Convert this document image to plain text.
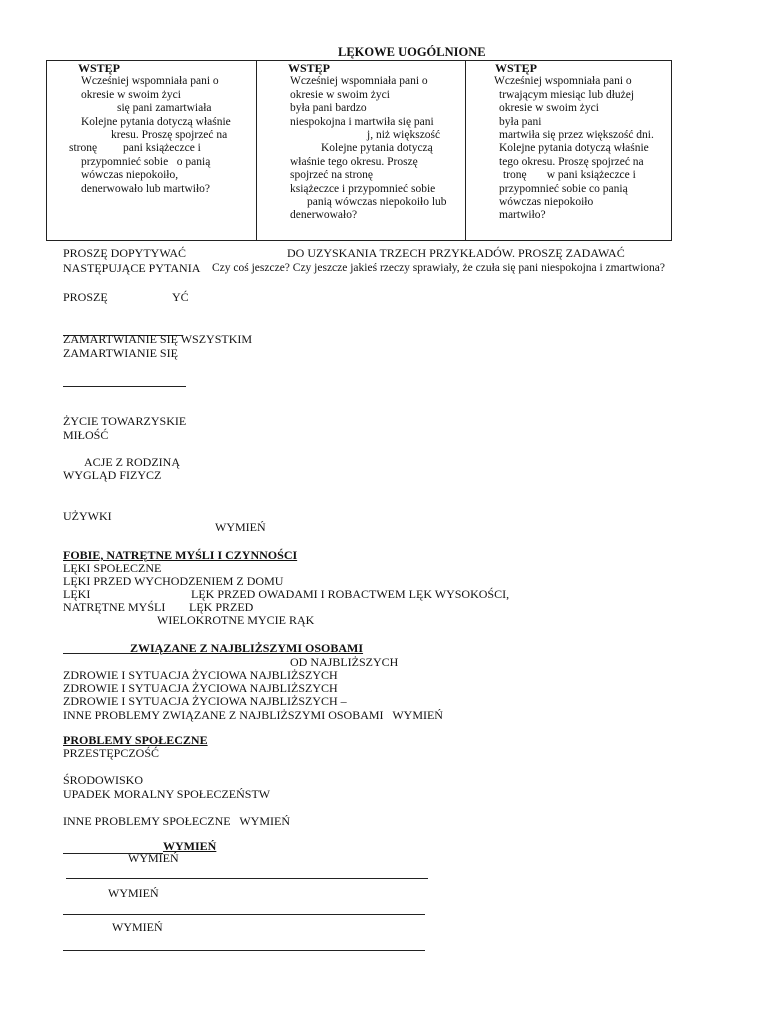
LĘKOWE UOGÓLNIONE
WSTĘP
Wcześniej wspomniała pani o
okresie w swoim życi
się pani zamartwiała
Kolejne pytania dotyczą właśnie
kresu. Proszę spojrzeć na
stronę         pani książeczce i
przypomnieć sobie   o panią
wówczas niepokoiło,
denerwowało lub martwiło?
WSTĘP
Wcześniej wspomniała pani o
okresie w swoim życi
była pani bardzo
niespokojna i martwiła się pani
j, niż większość
Kolejne pytania dotyczą
właśnie tego okresu. Proszę
spojrzeć na stronę
książeczce i przypomnieć sobie
panią wówczas niepokoiło lub
denerwowało?
WSTĘP
Wcześniej wspomniała pani o
trwającym miesiąc lub dłużej
okresie w swoim życi
była pani
martwiła się przez większość dni.
Kolejne pytania dotyczą właśnie
tego okresu. Proszę spojrzeć na
tronę       w pani książeczce i
przypomnieć sobie co panią
wówczas niepokoiło
martwiło?
PROSZĘ DOPYTYWAĆ	DO UZYSKANIA TRZECH PRZYKŁADÓW. PROSZĘ ZADAWAĆ
NASTĘPUJĄCE PYTANIA Czy coś jeszcze? Czy jeszcze jakieś rzeczy sprawiały, że czuła się pani niespokojna i zmartwiona?
PROSZĘ	YĆ
ZAMARTWIANIE SIĘ WSZYSTKIM
ZAMARTWIANIE SIĘ
ŻYCIE TOWARZYSKIE
MIŁOŚĆ
ACJE Z RODZINĄ
WYGLĄD FIZYCZ
UŻYWKI
WYMIEŃ
FOBIE, NATRĘTNE MYŚLI I CZYNNOŚCI
LĘKI SPOŁECZNE
LĘKI PRZED WYCHODZENIEM Z DOMU
LĘKI	LĘK PRZED OWADAMI I ROBACTWEM LĘK WYSOKOŚCI,
NATRĘTNE MYŚLI LĘK PRZED
WIELOKROTNE MYCIE RĄK
ZWIĄZANE Z NAJBLIŻSZYMI OSOBAMI
OD NAJBLIŻSZYCH
ZDROWIE I SYTUACJA ŻYCIOWA NAJBLIŻSZYCH
ZDROWIE I SYTUACJA ŻYCIOWA NAJBLIŻSZYCH
ZDROWIE I SYTUACJA ŻYCIOWA NAJBLIŻSZYCH –
INNE PROBLEMY ZWIĄZANE Z NAJBLIŻSZYMI OSOBAMI   WYMIEŃ
PROBLEMY SPOŁECZNE
PRZESTĘPCZOŚĆ
ŚRODOWISKO
UPADEK MORALNY SPOŁECZEŃSTW
INNE PROBLEMY SPOŁECZNE   WYMIEŃ
WYMIEŃ
WYMIEŃ
WYMIEŃ
WYMIEŃ
